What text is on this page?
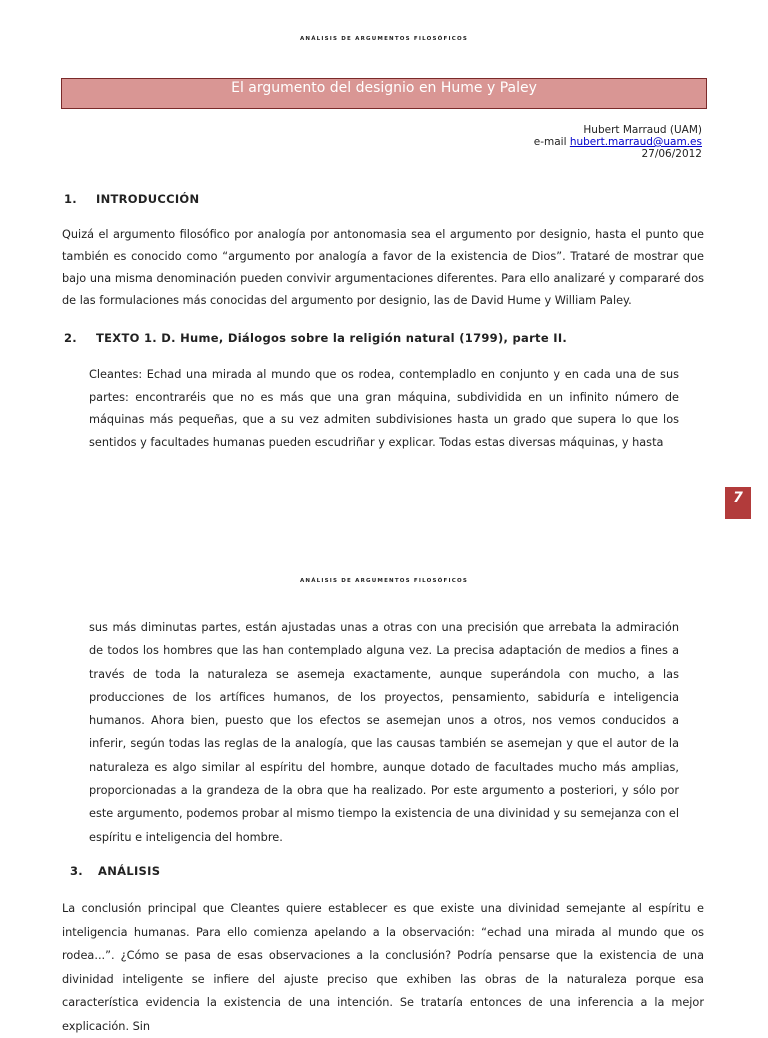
ANÁLISIS DE ARGUMENTOS FILOSÓFICOS
El argumento del designio en Hume y Paley
Hubert Marraud (UAM)
e-mail hubert.marraud@uam.es
27/06/2012
1. INTRODUCCIÓN

Quizá el argumento filosófico por analogía por antonomasia sea el argumento por designio, hasta el punto que también es conocido como “argumento por analogía a favor de la existencia de Dios”. Trataré de mostrar que bajo una misma denominación pueden convivir argumentaciones diferentes. Para ello analizaré y compararé dos de las formulaciones más conocidas del argumento por designio, las de David Hume y William Paley.

2. TEXTO 1. D. Hume, Diálogos sobre la religión natural (1799), parte II.

Cleantes: Echad una mirada al mundo que os rodea, contempladlo en conjunto y en cada una de sus partes: encontraréis que no es más que una gran máquina, subdividida en un infinito número de máquinas más pequeñas, que a su vez admiten subdivisiones hasta un grado que supera lo que los sentidos y facultades humanas pueden escudriñar y explicar. Todas estas diversas máquinas, y hasta

7
ANÁLISIS DE ARGUMENTOS FILOSÓFICOS

sus más diminutas partes, están ajustadas unas a otras con una precisión que arrebata la admiración de todos los hombres que las han contemplado alguna vez. La precisa adaptación de medios a fines a través de toda la naturaleza se asemeja exactamente, aunque superándola con mucho, a las producciones de los artífices humanos, de los proyectos, pensamiento, sabiduría e inteligencia humanos. Ahora bien, puesto que los efectos se asemejan unos a otros, nos vemos conducidos a inferir, según todas las reglas de la analogía, que las causas también se asemejan y que el autor de la naturaleza es algo similar al espíritu del hombre, aunque dotado de facultades mucho más amplias, proporcionadas a la grandeza de la obra que ha realizado. Por este argumento a posteriori, y sólo por este argumento, podemos probar al mismo tiempo la existencia de una divinidad y su semejanza con el espíritu e inteligencia del hombre.

3. ANÁLISIS

La conclusión principal que Cleantes quiere establecer es que existe una divinidad semejante al espíritu e inteligencia humanas. Para ello comienza apelando a la observación: “echad una mirada al mundo que os rodea...”. ¿Cómo se pasa de esas observaciones a la conclusión? Podría pensarse que la existencia de una divinidad inteligente se infiere del ajuste preciso que exhiben las obras de la naturaleza porque esa característica evidencia la existencia de una intención. Se trataría entonces de una inferencia a la mejor explicación. Sin
